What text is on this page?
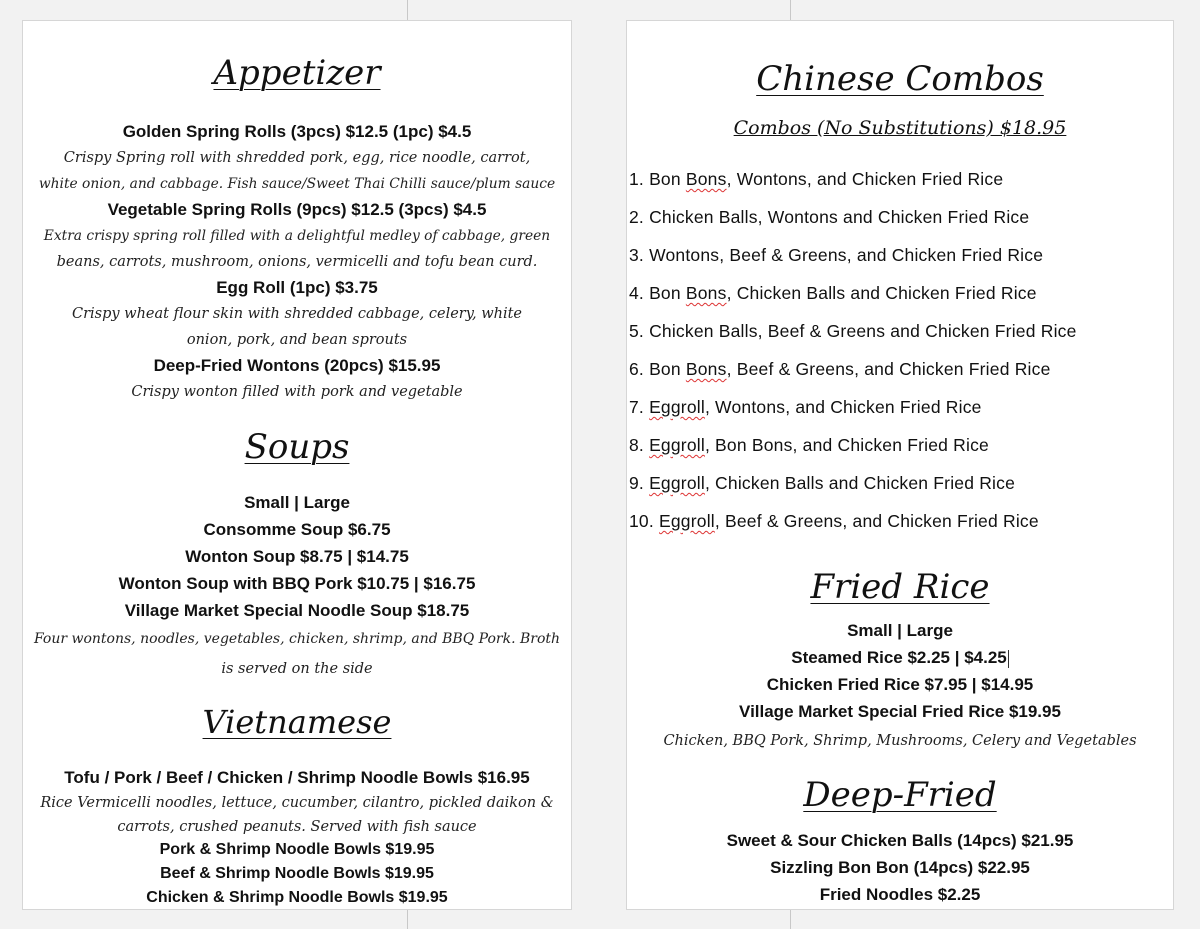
Appetizer

Golden Spring Rolls (3pcs) $12.5 (1pc) $4.5

Crispy Spring roll with shredded pork, egg, rice noodle, carrot,

white onion, and cabbage. Fish sauce/Sweet Thai Chilli sauce/plum sauce

Vegetable Spring Rolls (9pcs) $12.5 (3pcs) $4.5

Extra crispy spring roll filled with a delightful medley of cabbage, green

beans, carrots, mushroom, onions, vermicelli and tofu bean curd.

Egg Roll (1pc) $3.75

Crispy wheat flour skin with shredded cabbage, celery, white

onion, pork, and bean sprouts

Deep-Fried Wontons (20pcs) $15.95

Crispy wonton filled with pork and vegetable

Soups

Small | Large

Consomme Soup $6.75

Wonton Soup $8.75 | $14.75

Wonton Soup with BBQ Pork $10.75 | $16.75

Village Market Special Noodle Soup $18.75

Four wontons, noodles, vegetables, chicken, shrimp, and BBQ Pork. Broth

is served on the side

Vietnamese

Tofu / Pork / Beef / Chicken / Shrimp Noodle Bowls $16.95

Rice Vermicelli noodles, lettuce, cucumber, cilantro, pickled daikon &

carrots, crushed peanuts. Served with fish sauce

Pork & Shrimp Noodle Bowls $19.95

Beef & Shrimp Noodle Bowls $19.95

Chicken & Shrimp Noodle Bowls $19.95

Chinese Combos

Combos (No Substitutions) $18.95

1. Bon Bons, Wontons, and Chicken Fried Rice
2. Chicken Balls, Wontons and Chicken Fried Rice
3. Wontons, Beef & Greens, and Chicken Fried Rice
4. Bon Bons, Chicken Balls and Chicken Fried Rice
5. Chicken Balls, Beef & Greens and Chicken Fried Rice
6. Bon Bons, Beef & Greens, and Chicken Fried Rice
7. Eggroll, Wontons, and Chicken Fried Rice
8. Eggroll, Bon Bons, and Chicken Fried Rice
9. Eggroll, Chicken Balls and Chicken Fried Rice
10. Eggroll, Beef & Greens, and Chicken Fried Rice
Fried Rice

Small | Large

Steamed Rice $2.25 | $4.25

Chicken Fried Rice $7.95 | $14.95

Village Market Special Fried Rice $19.95

Chicken, BBQ Pork, Shrimp, Mushrooms, Celery and Vegetables

Deep-Fried

Sweet & Sour Chicken Balls (14pcs) $21.95

Sizzling Bon Bon (14pcs) $22.95

Fried Noodles $2.25
